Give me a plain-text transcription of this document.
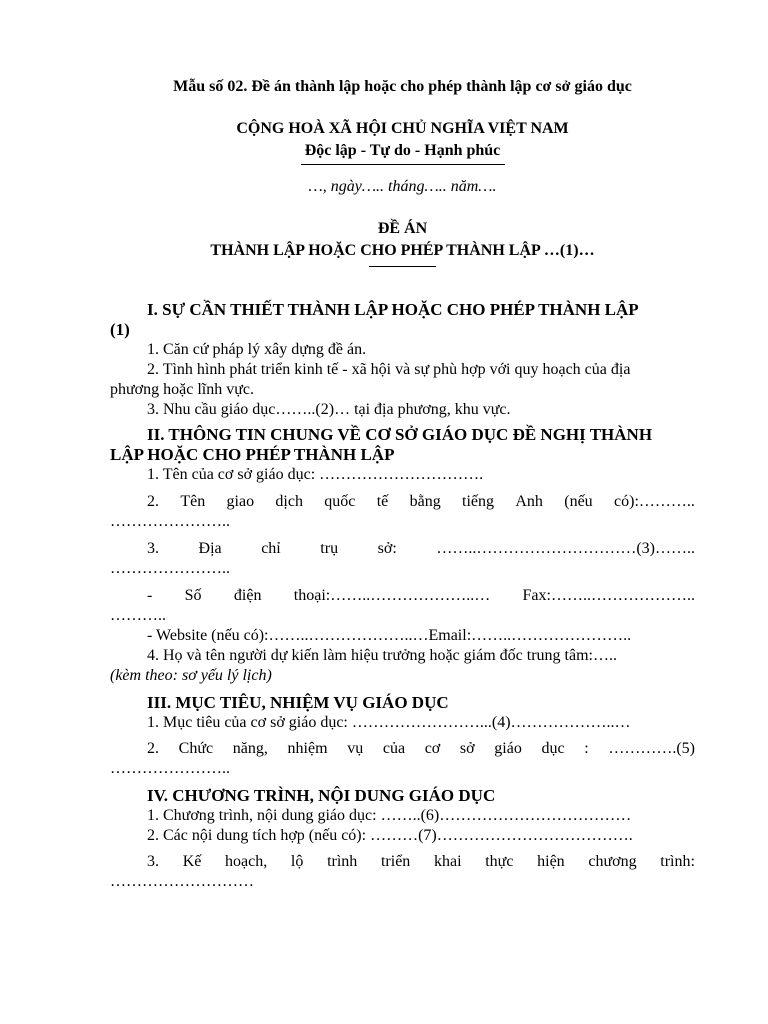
Mẫu số 02. Đề án thành lập hoặc cho phép thành lập cơ sở giáo dục
CỘNG HOÀ XÃ HỘI CHỦ NGHĨA VIỆT NAM
Độc lập - Tự do - Hạnh phúc
…, ngày….. tháng….. năm….
ĐỀ ÁN
THÀNH LẬP HOẶC CHO PHÉP THÀNH LẬP …(1)…
I. SỰ CẦN THIẾT THÀNH LẬP HOẶC CHO PHÉP THÀNH LẬP
(1)

1. Căn cứ pháp lý xây dựng đề án.

2. Tình hình phát triển kinh tế - xã hội và sự phù hợp với quy hoạch của địa

phương hoặc lĩnh vực.

3. Nhu cầu giáo dục……..(2)… tại địa phương, khu vực.

II. THÔNG TIN CHUNG VỀ CƠ SỞ GIÁO DỤC ĐỀ NGHỊ THÀNH
LẬP HOẶC CHO PHÉP THÀNH LẬP

1. Tên của cơ sở giáo dục: ………………………….

2. Tên giao dịch quốc tế bằng tiếng Anh (nếu có):………..
…………………..
3. Địa chỉ trụ sở: ……..…………………………(3)……..
…………………..
- Số điện thoại:……..………………..… Fax:……..………………..
………..

- Website (nếu có):……..………………..…Email:……..…………………..

4. Họ và tên người dự kiến làm hiệu trưởng hoặc giám đốc trung tâm:…..

(kèm theo: sơ yếu lý lịch)
III. MỤC TIÊU, NHIỆM VỤ GIÁO DỤC

1. Mục tiêu của cơ sở giáo dục: ……………………...(4)………………..…

2. Chức năng, nhiệm vụ của cơ sở giáo dục : ………….(5)
…………………..
IV. CHƯƠNG TRÌNH, NỘI DUNG GIÁO DỤC

1. Chương trình, nội dung giáo dục: ……..(6)………………………………

2. Các nội dung tích hợp (nếu có): ………(7)……………………………….

3. Kế hoạch, lộ trình triển khai thực hiện chương trình:
………………………
